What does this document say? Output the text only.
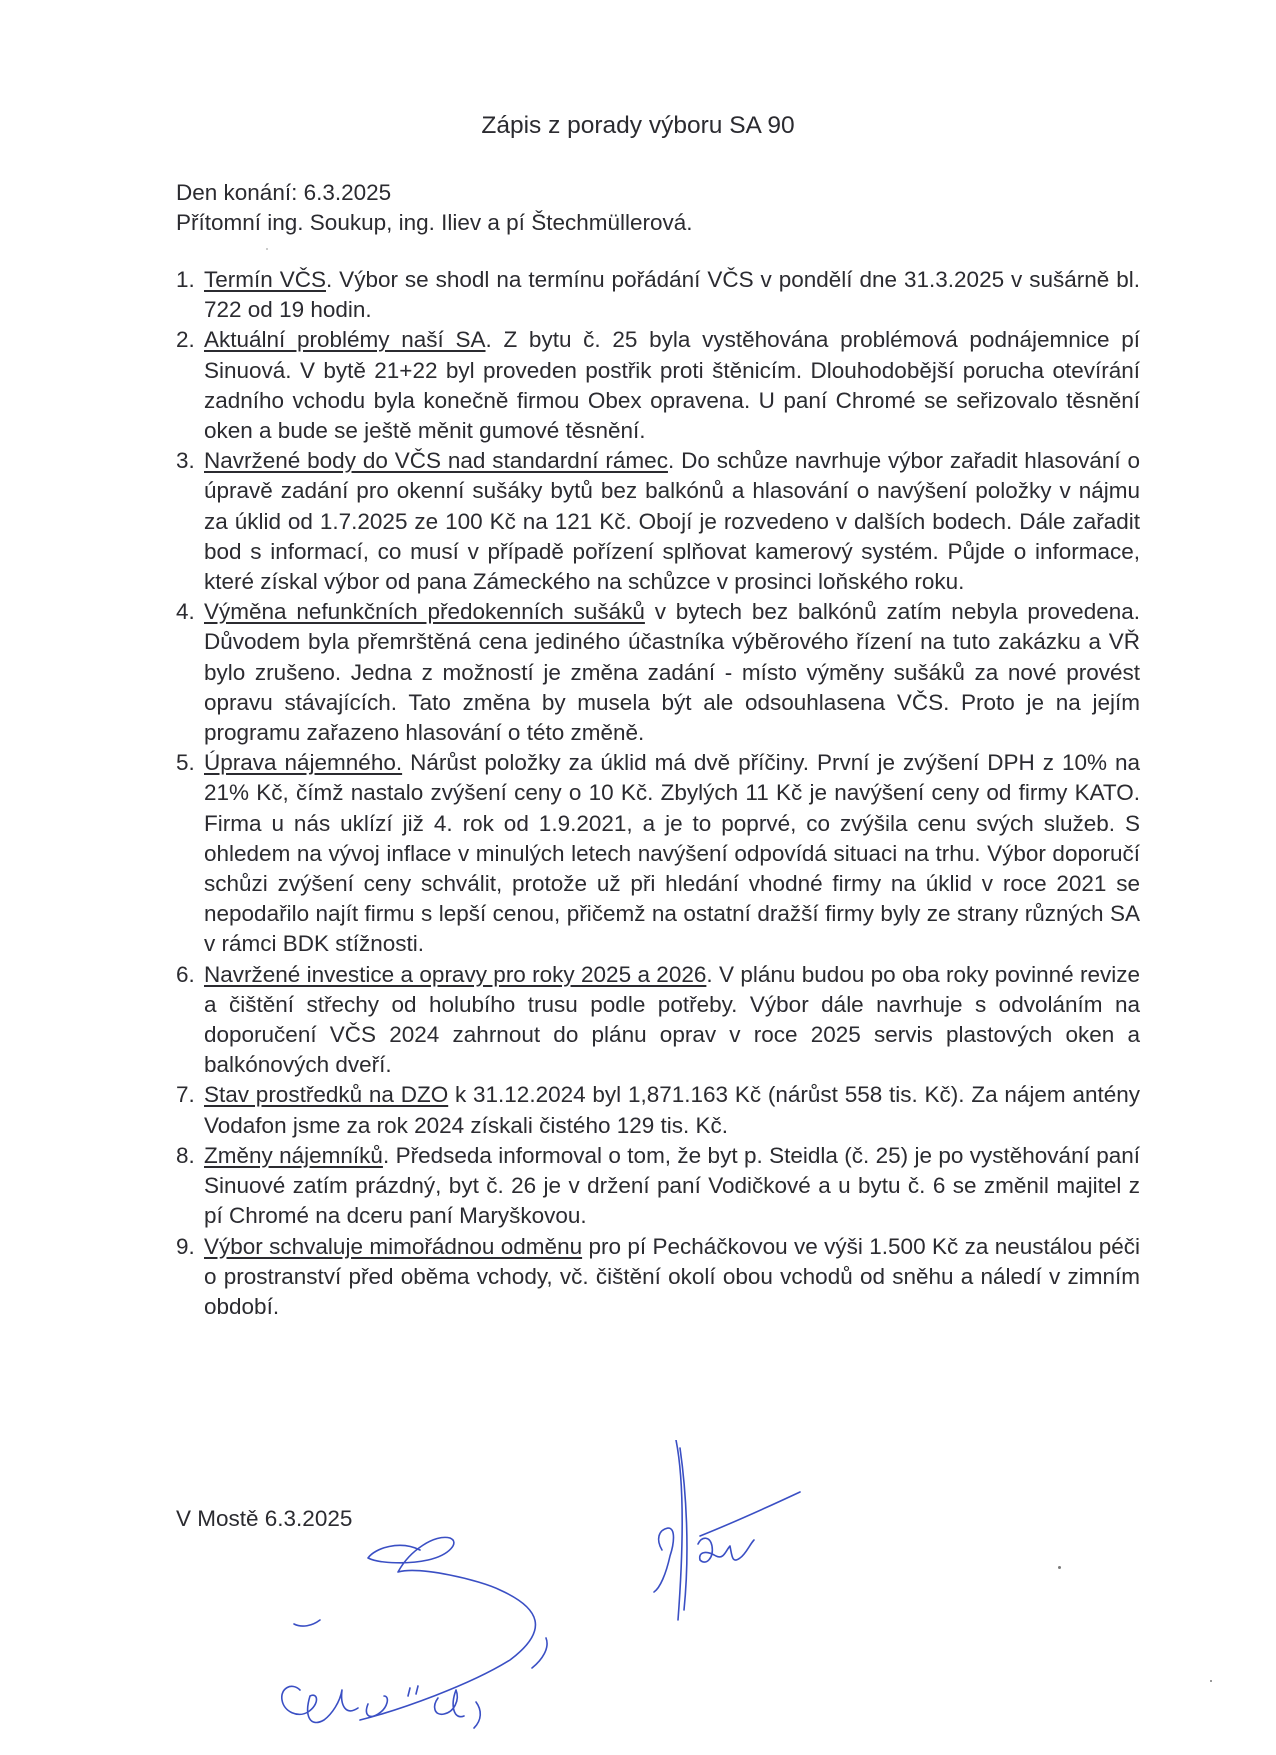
Zápis z porady výboru SA 90
Den konání: 6.3.2025
Přítomní ing. Soukup, ing. Iliev a pí Štechmüllerová.
1. Termín VČS. Výbor se shodl na termínu pořádání VČS v pondělí dne 31.3.2025 v sušárně bl. 722 od 19 hodin.
2. Aktuální problémy naší SA. Z bytu č. 25 byla vystěhována problémová podnájemnice pí Sinuová. V bytě 21+22 byl proveden postřik proti štěnicím. Dlouhodobější porucha otevírání zadního vchodu byla konečně firmou Obex opravena. U paní Chromé se seřizovalo těsnění oken a bude se ještě měnit gumové těsnění.
3. Navržené body do VČS nad standardní rámec. Do schůze navrhuje výbor zařadit hlasování o úpravě zadání pro okenní sušáky bytů bez balkónů a hlasování o navýšení položky v nájmu za úklid od 1.7.2025 ze 100 Kč na 121 Kč. Obojí je rozvedeno v dalších bodech. Dále zařadit bod s informací, co musí v případě pořízení splňovat kamerový systém. Půjde o informace, které získal výbor od pana Zámeckého na schůzce v prosinci loňského roku.
4. Výměna nefunkčních předokenních sušáků v bytech bez balkónů zatím nebyla provedena. Důvodem byla přemrštěná cena jediného účastníka výběrového řízení na tuto zakázku a VŘ bylo zrušeno. Jedna z možností je změna zadání - místo výměny sušáků za nové provést opravu stávajících. Tato změna by musela být ale odsouhlasena VČS. Proto je na jejím programu zařazeno hlasování o této změně.
5. Úprava nájemného. Nárůst položky za úklid má dvě příčiny. První je zvýšení DPH z 10% na 21% Kč, čímž nastalo zvýšení ceny o 10 Kč. Zbylých 11 Kč je navýšení ceny od firmy KATO. Firma u nás uklízí již 4. rok od 1.9.2021, a je to poprvé, co zvýšila cenu svých služeb. S ohledem na vývoj inflace v minulých letech navýšení odpovídá situaci na trhu. Výbor doporučí schůzi zvýšení ceny schválit, protože už při hledání vhodné firmy na úklid v roce 2021 se nepodařilo najít firmu s lepší cenou, přičemž na ostatní dražší firmy byly ze strany různých SA v rámci BDK stížnosti.
6. Navržené investice a opravy pro roky 2025 a 2026. V plánu budou po oba roky povinné revize a čištění střechy od holubího trusu podle potřeby. Výbor dále navrhuje s odvoláním na doporučení VČS 2024 zahrnout do plánu oprav v roce 2025 servis plastových oken a balkónových dveří.
7. Stav prostředků na DZO k 31.12.2024 byl 1,871.163 Kč (nárůst 558 tis. Kč). Za nájem antény Vodafon jsme za rok 2024 získali čistého 129 tis. Kč.
8. Změny nájemníků. Předseda informoval o tom, že byt p. Steidla (č. 25) je po vystěhování paní Sinuové zatím prázdný, byt č. 26 je v držení paní Vodičkové a u bytu č. 6 se změnil majitel z pí Chromé na dceru paní Maryškovou.
9. Výbor schvaluje mimořádnou odměnu pro pí Pecháčkovou ve výši 1.500 Kč za neustálou péči o prostranství před oběma vchody, vč. čištění okolí obou vchodů od sněhu a náledí v zimním období.
V Mostě 6.3.2025
